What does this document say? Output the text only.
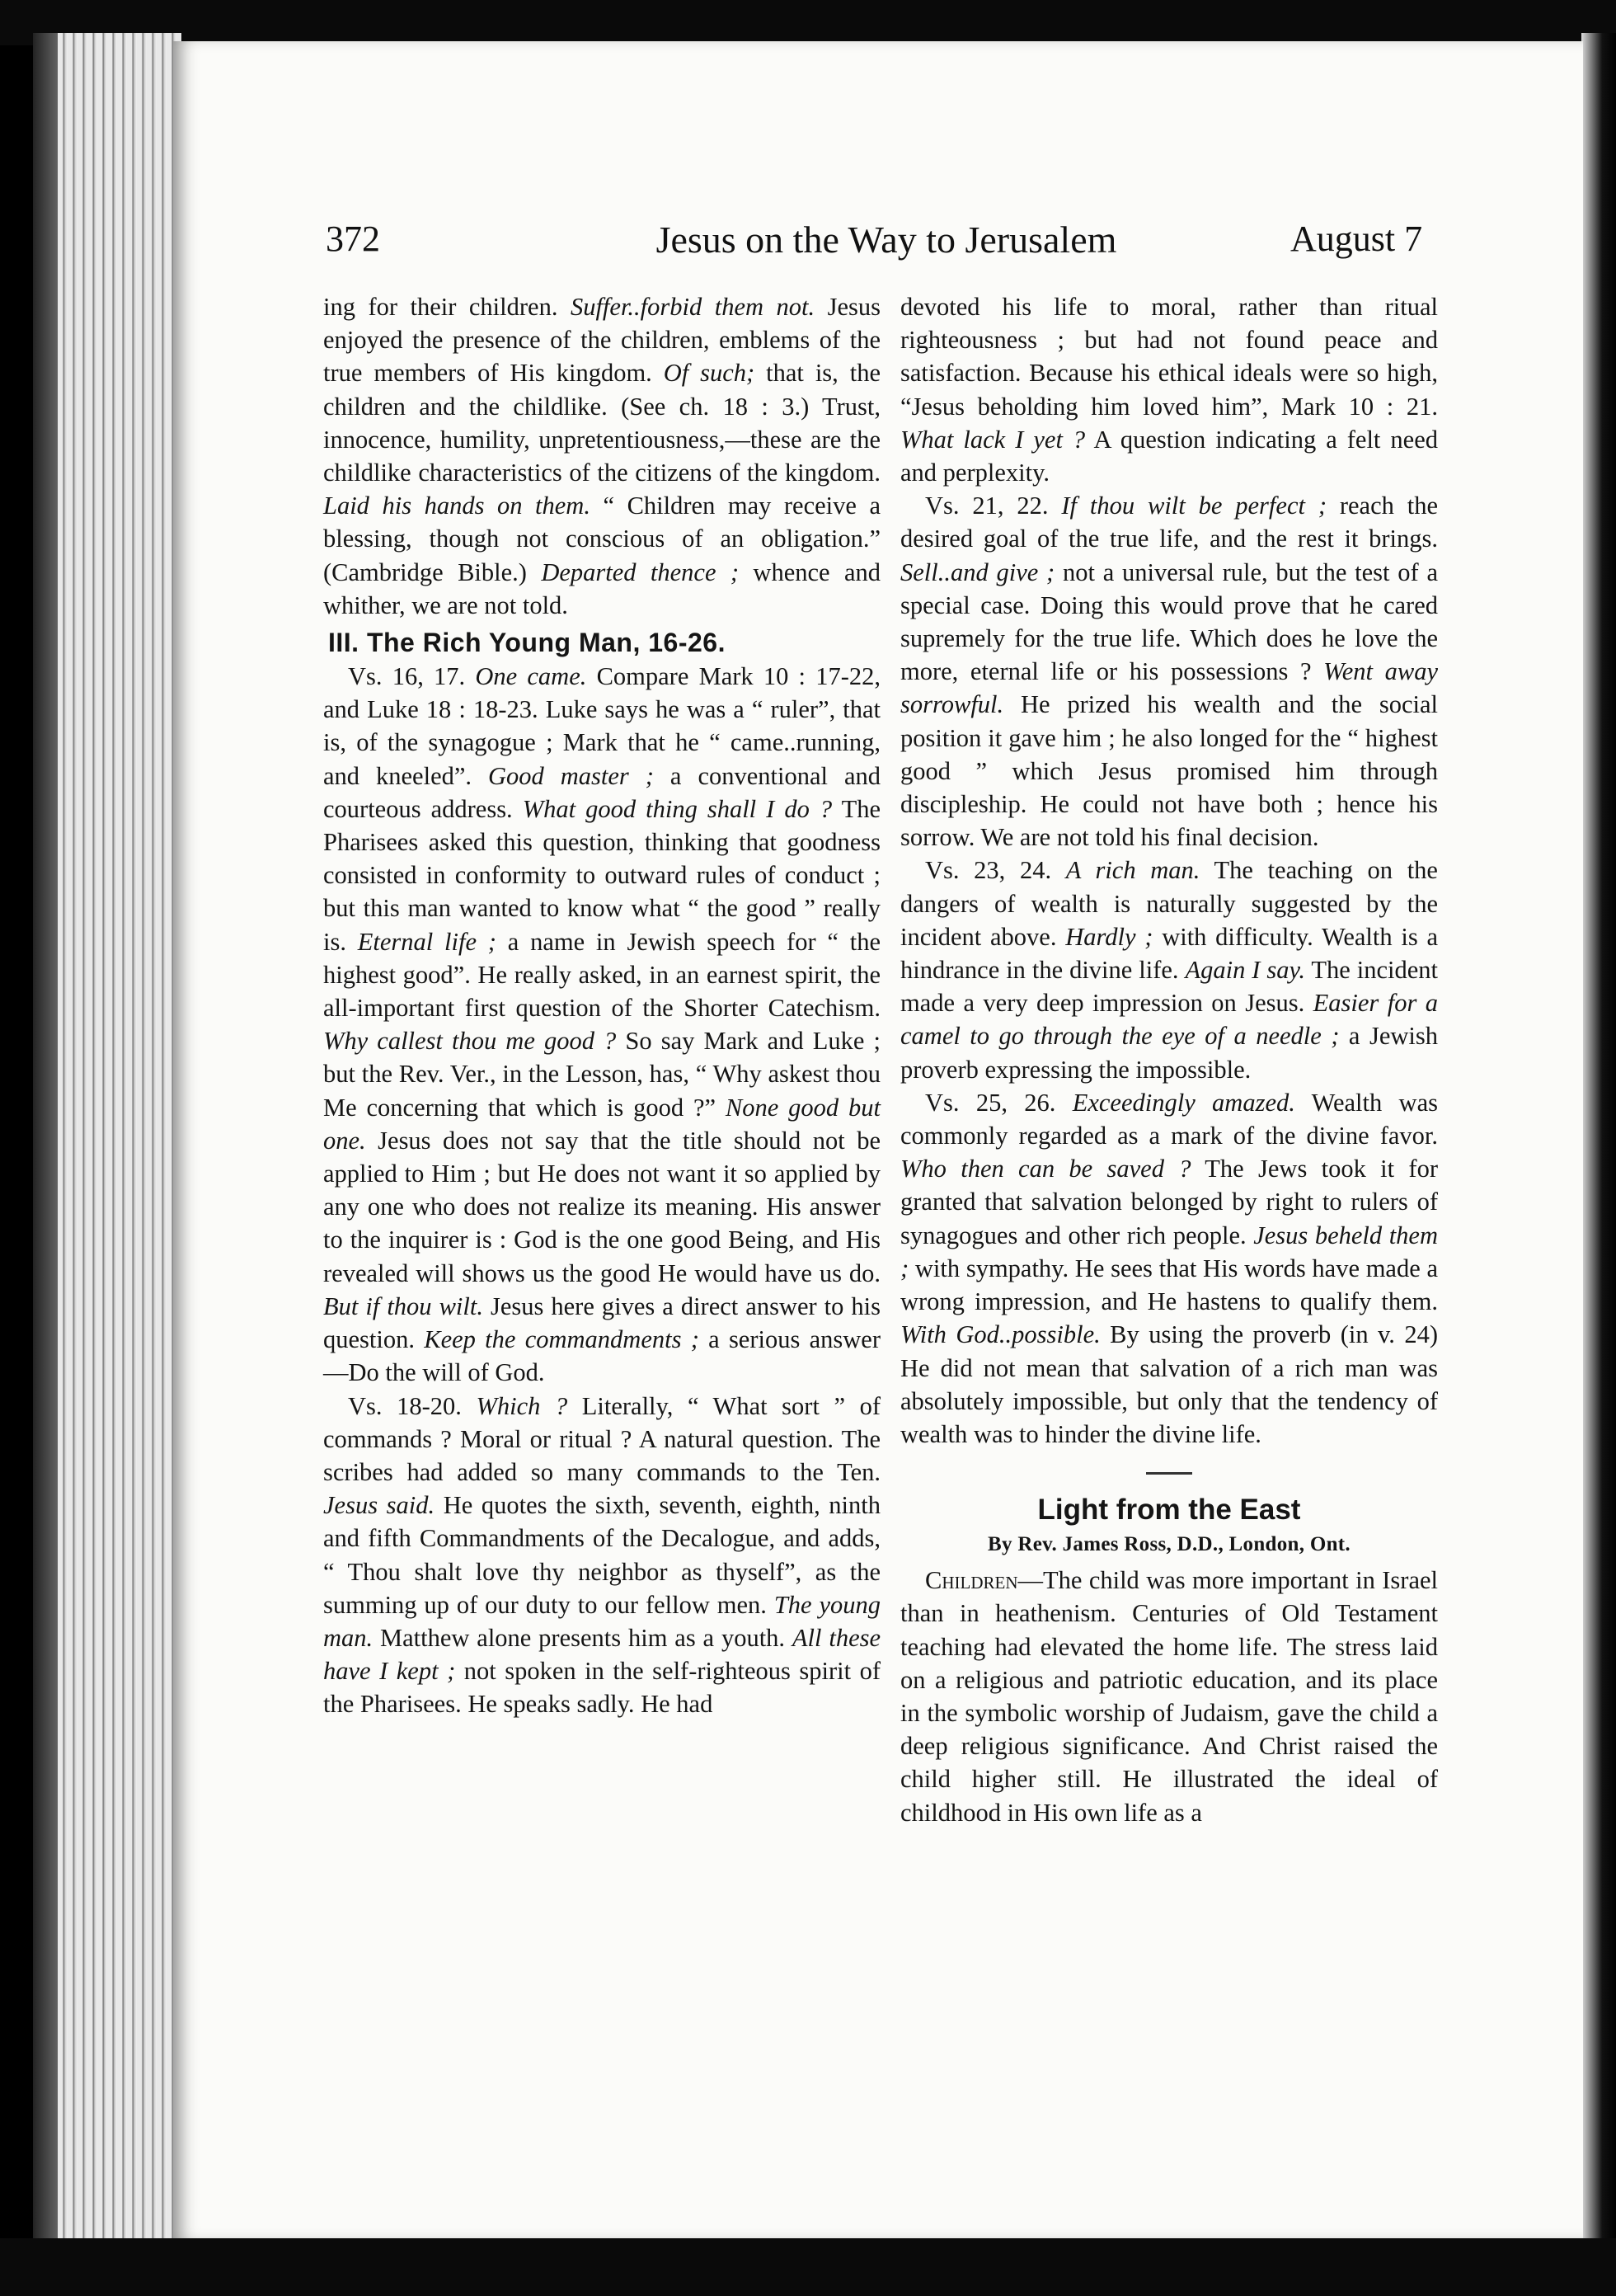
372	Jesus on the Way to Jerusalem	August 7

ing for their children. Suffer..forbid them not. Jesus enjoyed the presence of the children, emblems of the true members of His kingdom. Of such; that is, the children and the childlike. (See ch. 18 : 3.) Trust, innocence, humility, unpretentiousness,—these are the childlike characteristics of the citizens of the kingdom. Laid his hands on them. “ Children may receive a blessing, though not conscious of an obligation.” (Cambridge Bible.) Departed thence ; whence and whither, we are not told.

III. The Rich Young Man, 16-26.

Vs. 16, 17. One came. Compare Mark 10 : 17-22, and Luke 18 : 18-23. Luke says he was a “ ruler”, that is, of the synagogue ; Mark that he “ came..running, and kneeled”. Good master ; a conventional and courteous address. What good thing shall I do ? The Pharisees asked this question, thinking that goodness consisted in conformity to outward rules of conduct ; but this man wanted to know what “ the good ” really is. Eternal life ; a name in Jewish speech for “ the highest good”. He really asked, in an earnest spirit, the all-important first question of the Shorter Catechism. Why callest thou me good ? So say Mark and Luke ; but the Rev. Ver., in the Lesson, has, “ Why askest thou Me concerning that which is good ?” None good but one. Jesus does not say that the title should not be applied to Him ; but He does not want it so applied by any one who does not realize its meaning. His answer to the inquirer is : God is the one good Being, and His revealed will shows us the good He would have us do. But if thou wilt. Jesus here gives a direct answer to his question. Keep the commandments ; a serious answer—Do the will of God.

Vs. 18-20. Which ? Literally, “ What sort ” of commands ? Moral or ritual ? A natural question. The scribes had added so many commands to the Ten. Jesus said. He quotes the sixth, seventh, eighth, ninth and fifth Commandments of the Decalogue, and adds, “ Thou shalt love thy neighbor as thyself”, as the summing up of our duty to our fellow men. The young man. Matthew alone presents him as a youth. All these have I kept ; not spoken in the self-righteous spirit of the Pharisees. He speaks sadly. He had

devoted his life to moral, rather than ritual righteousness ; but had not found peace and satisfaction. Because his ethical ideals were so high, “Jesus beholding him loved him”, Mark 10 : 21. What lack I yet ? A question indicating a felt need and perplexity.

Vs. 21, 22. If thou wilt be perfect ; reach the desired goal of the true life, and the rest it brings. Sell..and give ; not a universal rule, but the test of a special case. Doing this would prove that he cared supremely for the true life. Which does he love the more, eternal life or his possessions ? Went away sorrowful. He prized his wealth and the social position it gave him ; he also longed for the “ highest good ” which Jesus promised him through discipleship. He could not have both ; hence his sorrow. We are not told his final decision.

Vs. 23, 24. A rich man. The teaching on the dangers of wealth is naturally suggested by the incident above. Hardly ; with difficulty. Wealth is a hindrance in the divine life. Again I say. The incident made a very deep impression on Jesus. Easier for a camel to go through the eye of a needle ; a Jewish proverb expressing the impossible.

Vs. 25, 26. Exceedingly amazed. Wealth was commonly regarded as a mark of the divine favor. Who then can be saved ? The Jews took it for granted that salvation belonged by right to rulers of synagogues and other rich people. Jesus beheld them ; with sympathy. He sees that His words have made a wrong impression, and He hastens to qualify them. With God..possible. By using the proverb (in v. 24) He did not mean that salvation of a rich man was absolutely impossible, but only that the tendency of wealth was to hinder the divine life.

Light from the East
By Rev. James Ross, D.D., London, Ont.

Children—The child was more important in Israel than in heathenism. Centuries of Old Testament teaching had elevated the home life. The stress laid on a religious and patriotic education, and its place in the symbolic worship of Judaism, gave the child a deep religious significance. And Christ raised the child higher still. He illustrated the ideal of childhood in His own life as a
